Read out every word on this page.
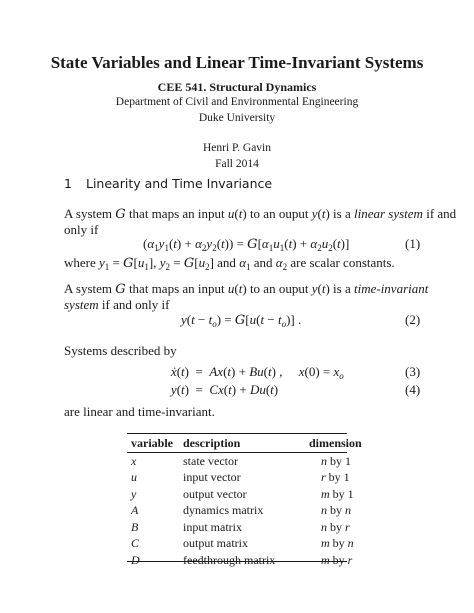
State Variables and Linear Time-Invariant Systems
CEE 541. Structural Dynamics
Department of Civil and Environmental Engineering
Duke University
Henri P. Gavin
Fall 2014
1 Linearity and Time Invariance
A system G that maps an input u(t) to an ouput y(t) is a linear system if and
only if
$(\alpha_1y_1(t) + \alpha_2y_2(t)) = G[\alpha_1u_1(t) + \alpha_2u_2(t)]$	(1)
where $y_1 = G[u_1]$, $y_2 = G[u_2]$ and $\alpha_1$ and $\alpha_2$ are scalar constants.
A system G that maps an input u(t) to an ouput y(t) is a time-invariant
system if and only if
$y(t - t_o) = G[u(t - t_o)]$ .	(2)
Systems described by
ẋ(t)  =  Ax(t) + Bu(t) ,     $x(0) = x_o$	(3)
y(t)  =  Cx(t) + Du(t)	(4)
are linear and time-invariant.
variable	description	dimension
x	state vector	n by 1
u	input vector	r by 1
y	output vector	m by 1
A	dynamics matrix	n by n
B	input matrix	n by r
C	output matrix	m by n
D	feedthrough matrix	m by r
